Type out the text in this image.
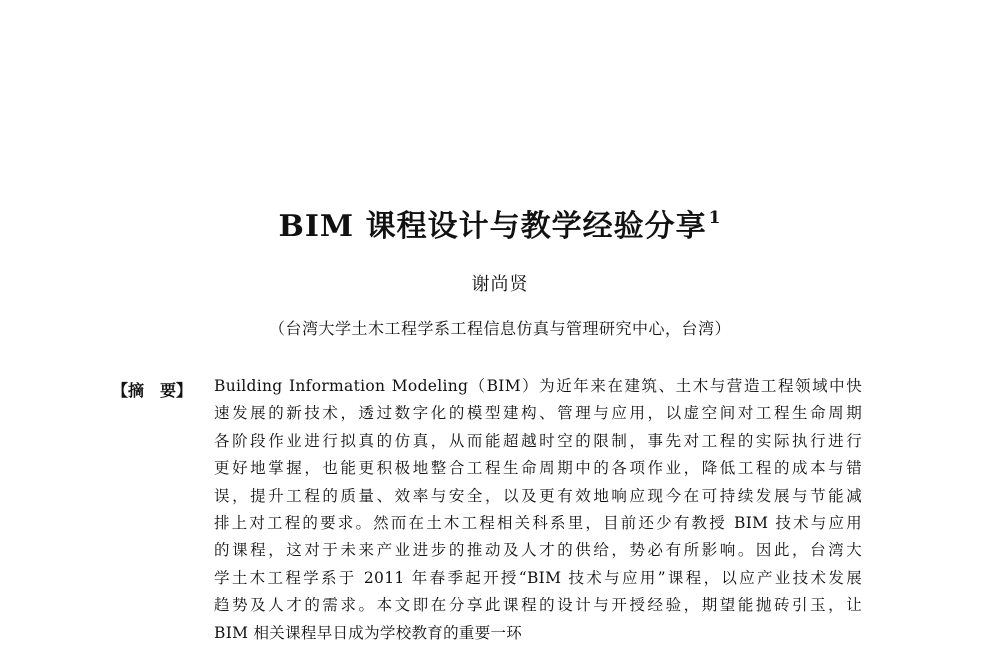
BIM 课程设计与教学经验分享 $^1$
谢尚贤
（台湾大学土木工程学系工程信息仿真与管理研究中心，台湾）
【摘　要】	Building Information Modeling（BIM）为近年来在建筑、土木与营造工程领域中快
速发展的新技术，透过数字化的模型建构、管理与应用，以虚空间对工程生命周期
各阶段作业进行拟真的仿真，从而能超越时空的限制，事先对工程的实际执行进行
更好地掌握，也能更积极地整合工程生命周期中的各项作业，降低工程的成本与错
误，提升工程的质量、效率与安全，以及更有效地响应现今在可持续发展与节能减
排上对工程的要求。然而在土木工程相关科系里，目前还少有教授 BIM 技术与应用
的课程，这对于未来产业进步的推动及人才的供给，势必有所影响。因此，台湾大
学土木工程学系于 2011 年春季起开授“BIM 技术与应用”课程，以应产业技术发展
趋势及人才的需求。本文即在分享此课程的设计与开授经验，期望能抛砖引玉，让
BIM 相关课程早日成为学校教育的重要一环
